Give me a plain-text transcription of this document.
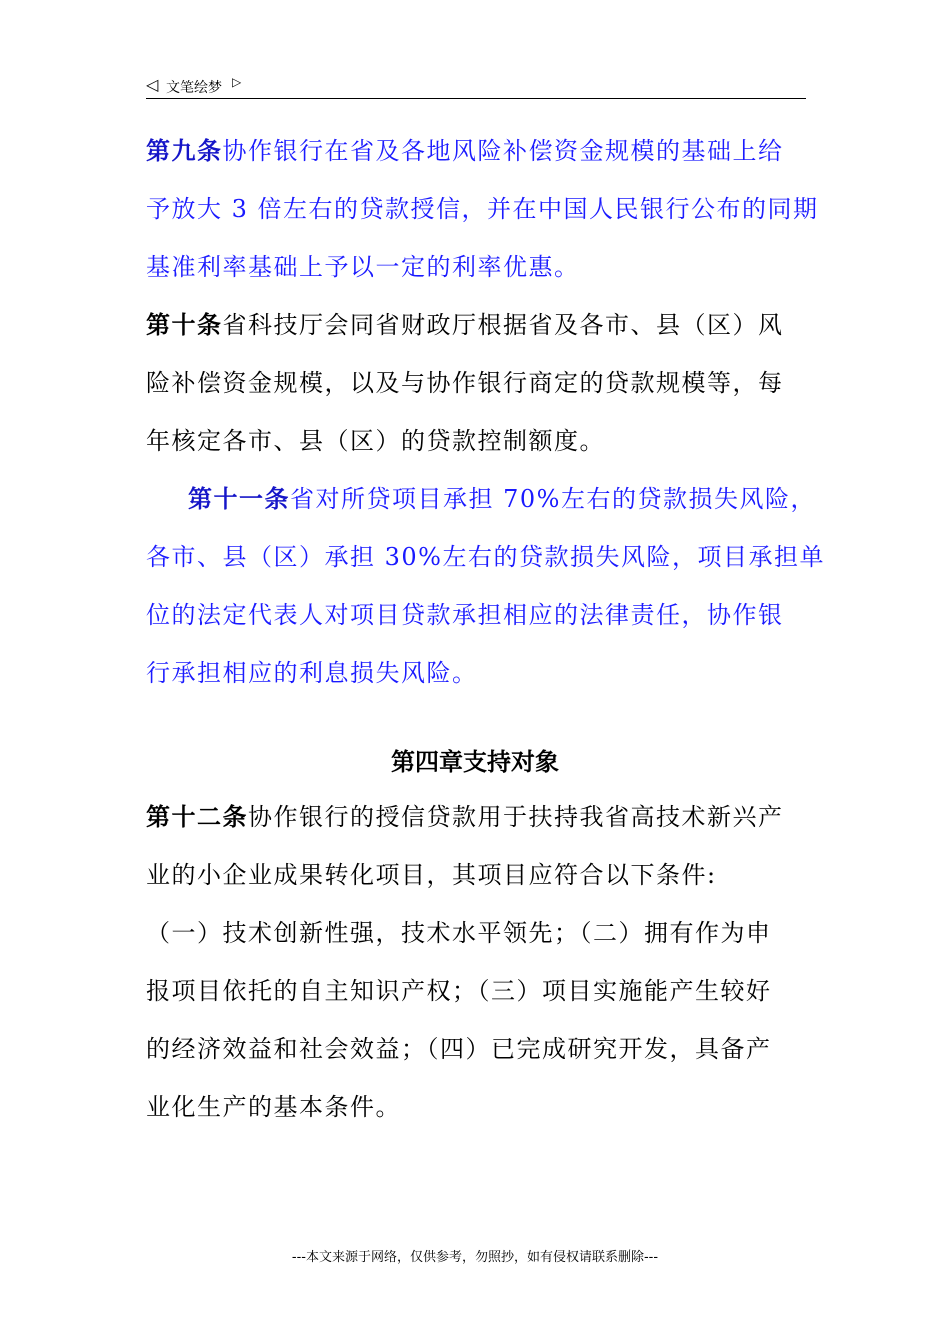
◁ 文笔绘梦 ▷
第九条协作银行在省及各地风险补偿资金规模的基础上给
予放大 3 倍左右的贷款授信，并在中国人民银行公布的同期
基准利率基础上予以一定的利率优惠。
第十条省科技厅会同省财政厅根据省及各市、县（区）风
险补偿资金规模，以及与协作银行商定的贷款规模等，每
年核定各市、县（区）的贷款控制额度。
第十一条省对所贷项目承担 70%左右的贷款损失风险，
各市、县（区）承担 30%左右的贷款损失风险，项目承担单
位的法定代表人对项目贷款承担相应的法律责任，协作银
行承担相应的利息损失风险。
第四章支持对象
第十二条协作银行的授信贷款用于扶持我省高技术新兴产
业的小企业成果转化项目，其项目应符合以下条件:
（一）技术创新性强，技术水平领先；（二）拥有作为申
报项目依托的自主知识产权；（三）项目实施能产生较好
的经济效益和社会效益；（四）已完成研究开发，具备产
业化生产的基本条件。
---本文来源于网络，仅供参考，勿照抄，如有侵权请联系删除---
